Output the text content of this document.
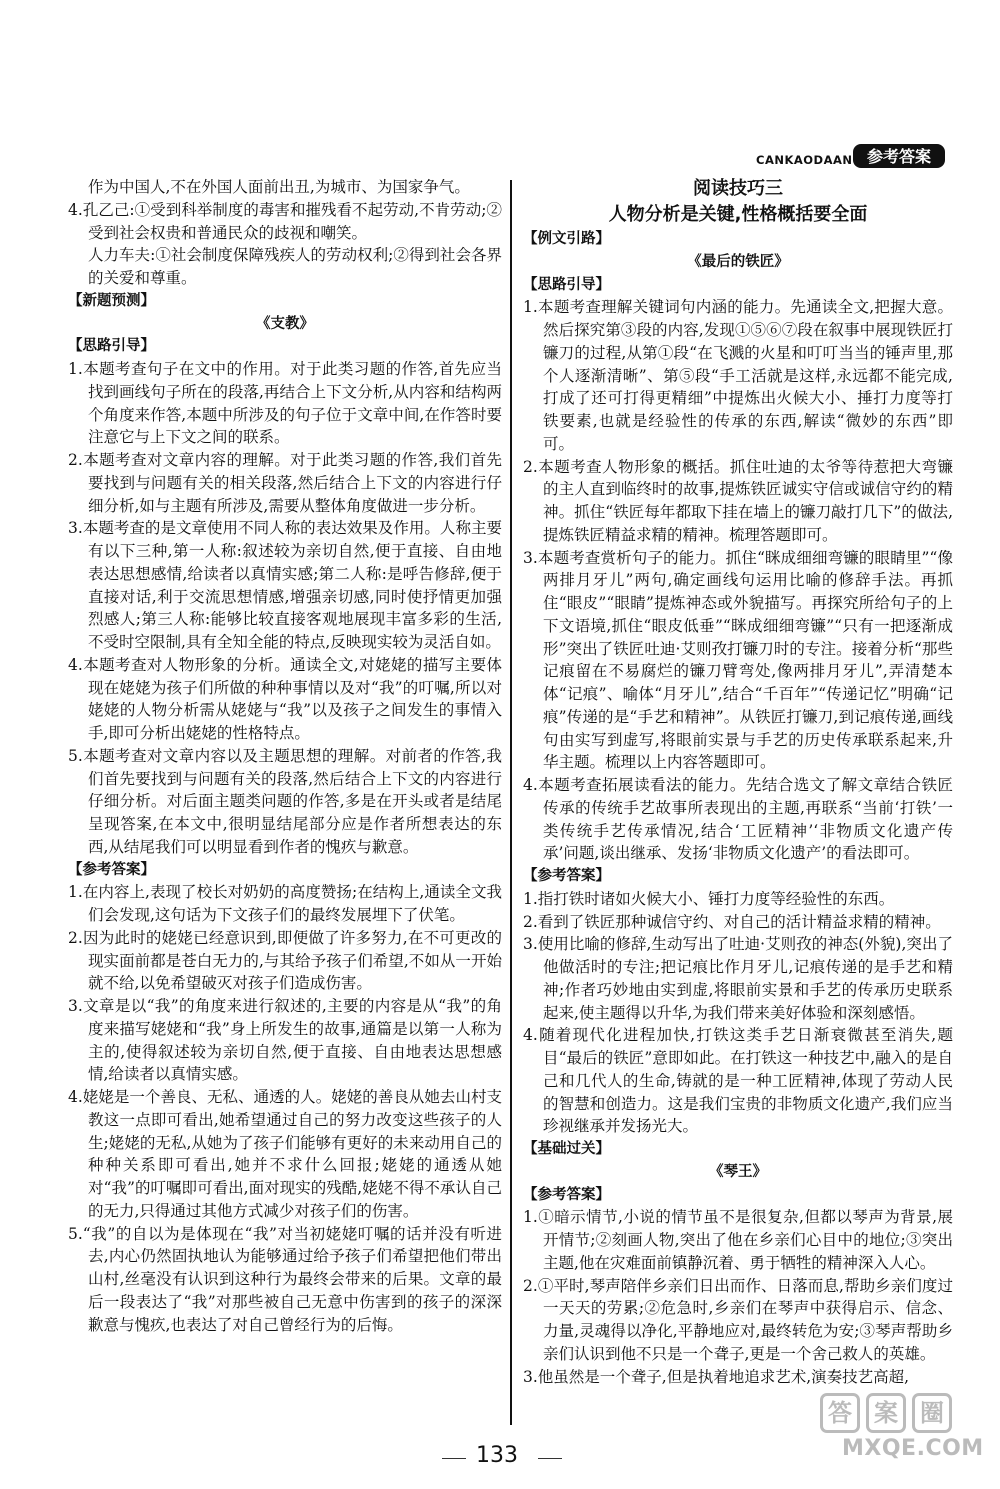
CANKAODAAN 参考答案

作为中国人,不在外国人面前出丑,为城市、为国家争气。

4.孔乙己:①受到科举制度的毒害和摧残看不起劳动,不肯劳动;②受到社会权贵和普通民众的歧视和嘲笑。

人力车夫:①社会制度保障残疾人的劳动权利;②得到社会各界的关爱和尊重。

【新题预测】

《支教》

【思路引导】

1.本题考查句子在文中的作用。对于此类习题的作答,首先应当找到画线句子所在的段落,再结合上下文分析,从内容和结构两个角度来作答,本题中所涉及的句子位于文章中间,在作答时要注意它与上下文之间的联系。

2.本题考查对文章内容的理解。对于此类习题的作答,我们首先要找到与问题有关的相关段落,然后结合上下文的内容进行仔细分析,如与主题有所涉及,需要从整体角度做进一步分析。

3.本题考查的是文章使用不同人称的表达效果及作用。人称主要有以下三种,第一人称:叙述较为亲切自然,便于直接、自由地表达思想感情,给读者以真情实感;第二人称:是呼告修辞,便于直接对话,利于交流思想情感,增强亲切感,同时使抒情更加强烈感人;第三人称:能够比较直接客观地展现丰富多彩的生活,不受时空限制,具有全知全能的特点,反映现实较为灵活自如。

4.本题考查对人物形象的分析。通读全文,对姥姥的描写主要体现在姥姥为孩子们所做的种种事情以及对“我”的叮嘱,所以对姥姥的人物分析需从姥姥与“我”以及孩子之间发生的事情入手,即可分析出姥姥的性格特点。

5.本题考查对文章内容以及主题思想的理解。对前者的作答,我们首先要找到与问题有关的段落,然后结合上下文的内容进行仔细分析。对后面主题类问题的作答,多是在开头或者是结尾呈现答案,在本文中,很明显结尾部分应是作者所想表达的东西,从结尾我们可以明显看到作者的愧疚与歉意。

【参考答案】

1.在内容上,表现了校长对奶奶的高度赞扬;在结构上,通读全文我们会发现,这句话为下文孩子们的最终发展埋下了伏笔。

2.因为此时的姥姥已经意识到,即便做了许多努力,在不可更改的现实面前都是苍白无力的,与其给予孩子们希望,不如从一开始就不给,以免希望破灭对孩子们造成伤害。

3.文章是以“我”的角度来进行叙述的,主要的内容是从“我”的角度来描写姥姥和“我”身上所发生的故事,通篇是以第一人称为主的,使得叙述较为亲切自然,便于直接、自由地表达思想感情,给读者以真情实感。

4.姥姥是一个善良、无私、通透的人。姥姥的善良从她去山村支教这一点即可看出,她希望通过自己的努力改变这些孩子的人生;姥姥的无私,从她为了孩子们能够有更好的未来动用自己的种种关系即可看出,她并不求什么回报;姥姥的通透从她对“我”的叮嘱即可看出,面对现实的残酷,姥姥不得不承认自己的无力,只得通过其他方式减少对孩子们的伤害。

5.“我”的自以为是体现在“我”对当初姥姥叮嘱的话并没有听进去,内心仍然固执地认为能够通过给予孩子们希望把他们带出山村,丝毫没有认识到这种行为最终会带来的后果。文章的最后一段表达了“我”对那些被自己无意中伤害到的孩子的深深歉意与愧疚,也表达了对自己曾经行为的后悔。

阅读技巧三

人物分析是关键,性格概括要全面

【例文引路】

《最后的铁匠》

【思路引导】

1.本题考查理解关键词句内涵的能力。先通读全文,把握大意。然后探究第③段的内容,发现①⑤⑥⑦段在叙事中展现铁匠打镰刀的过程,从第①段“在飞溅的火星和叮叮当当的锤声里,那个人逐渐清晰”、第⑤段“手工活就是这样,永远都不能完成,打成了还可打得更精细”中提炼出火候大小、捶打力度等打铁要素,也就是经验性的传承的东西,解读“微妙的东西”即可。

2.本题考查人物形象的概括。抓住吐迪的太爷等待惹把大弯镰的主人直到临终时的故事,提炼铁匠诚实守信或诚信守约的精神。抓住“铁匠每年都取下挂在墙上的镰刀敲打几下”的做法,提炼铁匠精益求精的精神。梳理答题即可。

3.本题考查赏析句子的能力。抓住“眯成细细弯镰的眼睛里”“像两排月牙儿”两句,确定画线句运用比喻的修辞手法。再抓住“眼皮”“眼睛”提炼神态或外貌描写。再探究所给句子的上下文语境,抓住“眼皮低垂”“眯成细细弯镰”“只有一把逐渐成形”突出了铁匠吐迪·艾则孜打镰刀时的专注。接着分析“那些记痕留在不易腐烂的镰刀臂弯处,像两排月牙儿”,弄清楚本体“记痕”、喻体“月牙儿”,结合“千百年”“传递记忆”明确“记痕”传递的是“手艺和精神”。从铁匠打镰刀,到记痕传递,画线句由实写到虚写,将眼前实景与手艺的历史传承联系起来,升华主题。梳理以上内容答题即可。

4.本题考查拓展读看法的能力。先结合选文了解文章结合铁匠传承的传统手艺故事所表现出的主题,再联系“当前‘打铁’一类传统手艺传承情况,结合‘工匠精神’‘非物质文化遗产传承’问题,谈出继承、发扬‘非物质文化遗产’的看法即可。

【参考答案】

1.指打铁时诸如火候大小、锤打力度等经验性的东西。

2.看到了铁匠那种诚信守约、对自己的活计精益求精的精神。

3.使用比喻的修辞,生动写出了吐迪·艾则孜的神态(外貌),突出了他做活时的专注;把记痕比作月牙儿,记痕传递的是手艺和精神;作者巧妙地由实到虚,将眼前实景和手艺的传承历史联系起来,使主题得以升华,为我们带来美好体验和深刻感悟。

4.随着现代化进程加快,打铁这类手艺日渐衰微甚至消失,题目“最后的铁匠”意即如此。在打铁这一种技艺中,融入的是自己和几代人的生命,铸就的是一种工匠精神,体现了劳动人民的智慧和创造力。这是我们宝贵的非物质文化遗产,我们应当珍视继承并发扬光大。

【基础过关】

《琴王》

【参考答案】

1.①暗示情节,小说的情节虽不是很复杂,但都以琴声为背景,展开情节;②刻画人物,突出了他在乡亲们心目中的地位;③突出主题,他在灾难面前镇静沉着、勇于牺牲的精神深入人心。

2.①平时,琴声陪伴乡亲们日出而作、日落而息,帮助乡亲们度过一天天的劳累;②危急时,乡亲们在琴声中获得启示、信念、力量,灵魂得以净化,平静地应对,最终转危为安;③琴声帮助乡亲们认识到他不只是一个聋子,更是一个舍己救人的英雄。

3.他虽然是一个聋子,但是执着地追求艺术,演奏技艺高超,

133
答 案 圈
MXQE.COM
